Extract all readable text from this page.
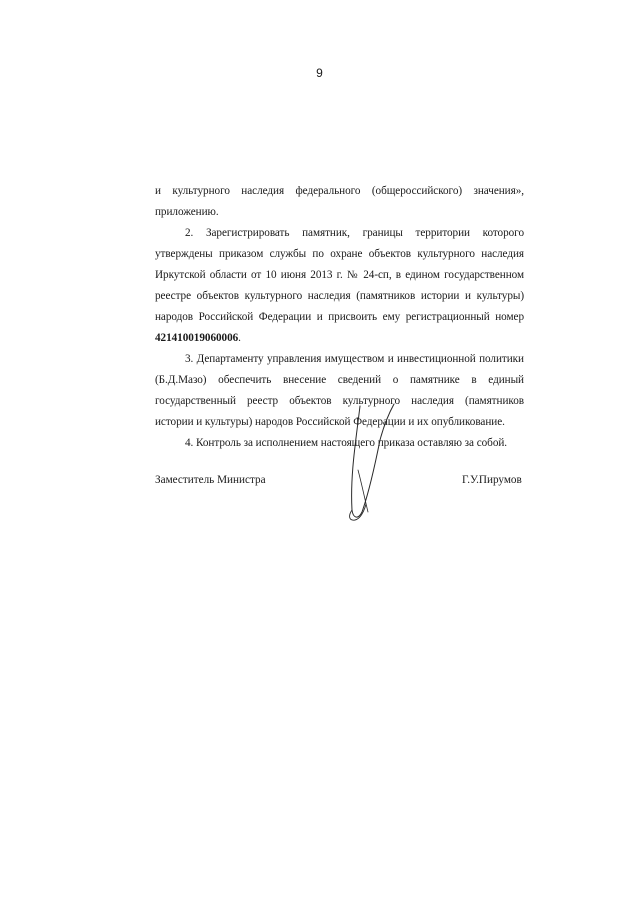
9
и культурного наследия федерального (общероссийского) значения»,
приложению.
2. Зарегистрировать памятник, границы территории которого
утверждены приказом службы по охране объектов культурного наследия
Иркутской области от 10 июня 2013 г. № 24-сп, в едином государственном
реестре объектов культурного наследия (памятников истории и культуры)
народов Российской Федерации и присвоить ему регистрационный номер
421410019060006.
3. Департаменту управления имуществом и инвестиционной политики
(Б.Д.Мазо) обеспечить внесение сведений о памятнике в единый
государственный реестр объектов культурного наследия (памятников
истории и культуры) народов Российской Федерации и их опубликование.
4. Контроль за исполнением настоящего приказа оставляю за собой.
Заместитель Министра	Г.У.Пирумов
